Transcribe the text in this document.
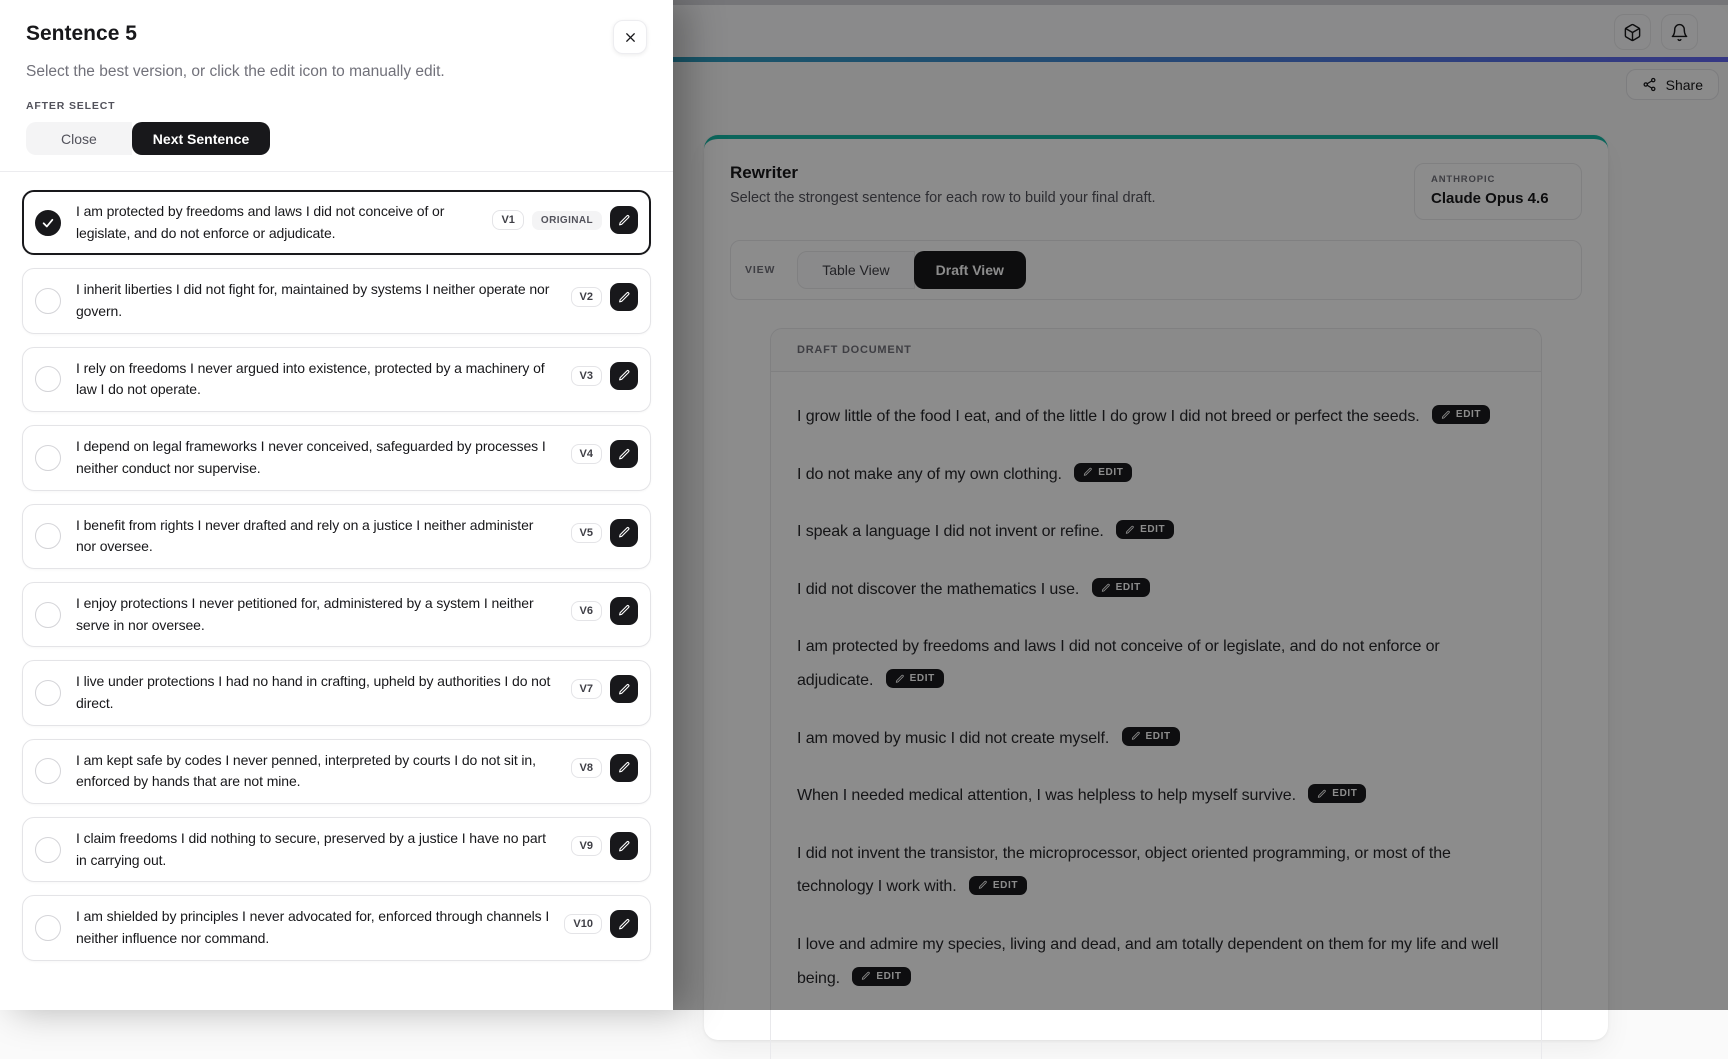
Share
Rewriter

Select the strongest sentence for each row to build your final draft.

ANTHROPIC
Claude Opus 4.6
VIEW	Table View	Draft View
DRAFT DOCUMENT

I grow little of the food I eat, and of the little I do grow I did not breed or perfect the seeds.	EDIT

I do not make any of my own clothing.	EDIT

I speak a language I did not invent or refine.	EDIT

I did not discover the mathematics I use.	EDIT

I am protected by freedoms and laws I did not conceive of or legislate, and do not enforce or adjudicate.	EDIT

I am moved by music I did not create myself.	EDIT

When I needed medical attention, I was helpless to help myself survive.	EDIT

I did not invent the transistor, the microprocessor, object oriented programming, or most of the technology I work with.	EDIT

I love and admire my species, living and dead, and am totally dependent on them for my life and well being.	EDIT

Sentence 5

Select the best version, or click the edit icon to manually edit.

AFTER SELECT
Close	Next Sentence
I am protected by freedoms and laws I did not conceive of or legislate, and do not enforce or adjudicate.
V1	ORIGINAL
I inherit liberties I did not fight for, maintained by systems I neither operate nor govern.
V2
I rely on freedoms I never argued into existence, protected by a machinery of law I do not operate.
V3
I depend on legal frameworks I never conceived, safeguarded by processes I neither conduct nor supervise.
V4
I benefit from rights I never drafted and rely on a justice I neither administer nor oversee.
V5
I enjoy protections I never petitioned for, administered by a system I neither serve in nor oversee.
V6
I live under protections I had no hand in crafting, upheld by authorities I do not direct.
V7
I am kept safe by codes I never penned, interpreted by courts I do not sit in, enforced by hands that are not mine.
V8
I claim freedoms I did nothing to secure, preserved by a justice I have no part in carrying out.
V9
I am shielded by principles I never advocated for, enforced through channels I neither influence nor command.
V10
